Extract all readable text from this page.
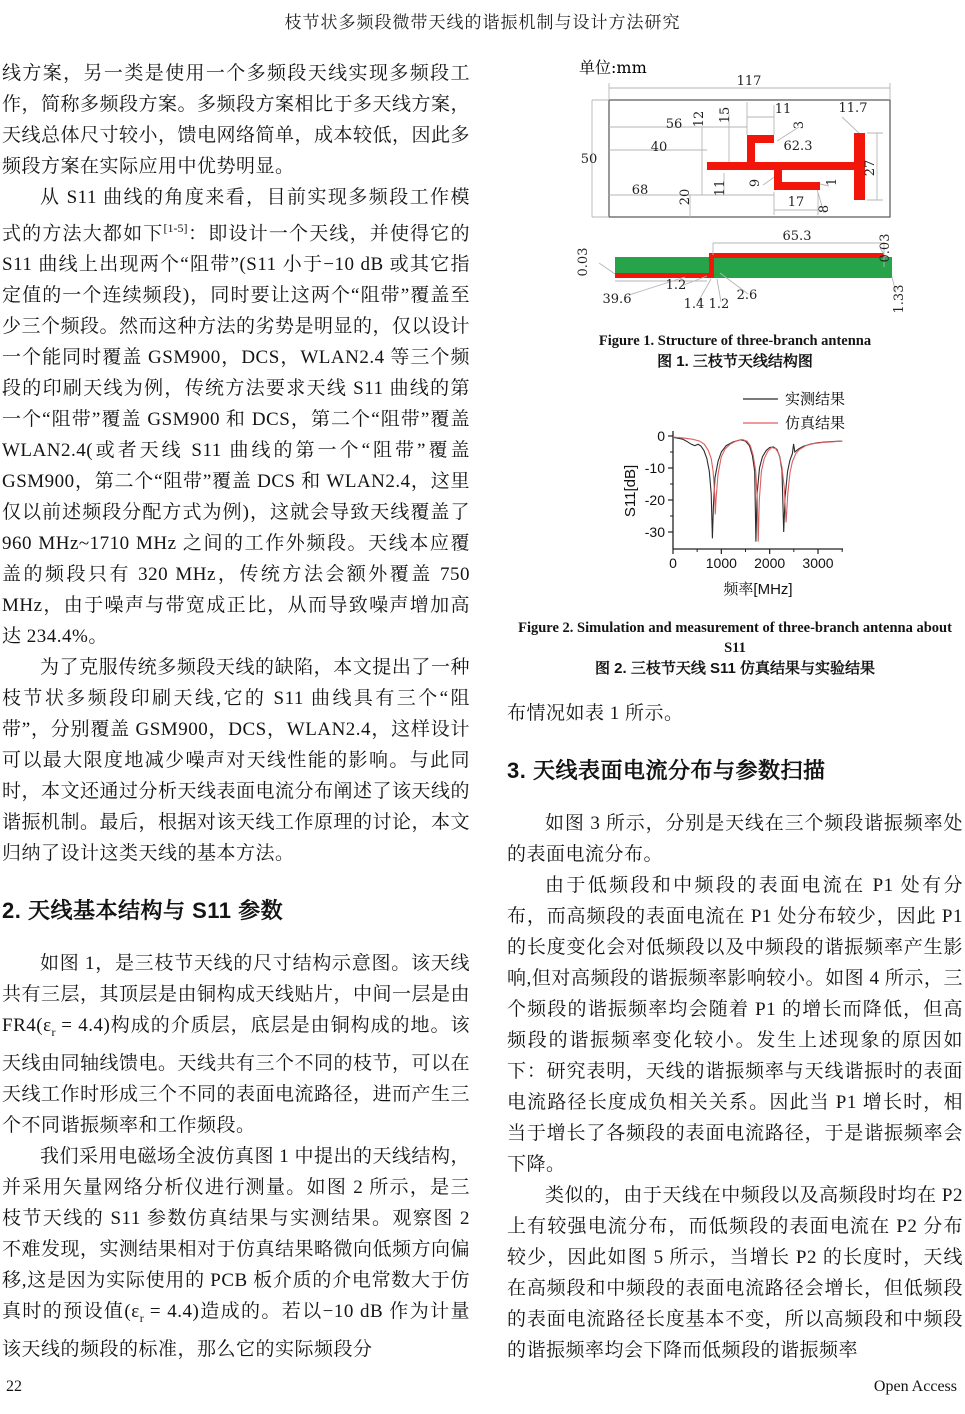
枝节状多频段微带天线的谐振机制与设计方法研究

线方案，另一类是使用一个多频段天线实现多频段工作，简称多频段方案。多频段方案相比于多天线方案，天线总体尺寸较小，馈电网络简单，成本较低，因此多频段方案在实际应用中优势明显。

从 S11 曲线的角度来看，目前实现多频段工作模式的方法大都如下[1-5]：即设计一个天线，并使得它的 S11 曲线上出现两个“阻带”(S11 小于−10 dB 或其它指定值的一个连续频段)，同时要让这两个“阻带”覆盖至少三个频段。然而这种方法的劣势是明显的，仅以设计一个能同时覆盖 GSM900，DCS，WLAN2.4 等三个频段的印刷天线为例，传统方法要求天线 S11 曲线的第一个“阻带”覆盖 GSM900 和 DCS，第二个“阻带”覆盖 WLAN2.4(或者天线 S11 曲线的第一个“阻带”覆盖 GSM900，第二个“阻带”覆盖 DCS 和 WLAN2.4，这里仅以前述频段分配方式为例)，这就会导致天线覆盖了 960 MHz~1710 MHz 之间的工作外频段。天线本应覆盖的频段只有 320 MHz，传统方法会额外覆盖 750 MHz，由于噪声与带宽成正比，从而导致噪声增加高达 234.4%。

为了克服传统多频段天线的缺陷，本文提出了一种枝节状多频段印刷天线,它的 S11 曲线具有三个“阻带”，分别覆盖 GSM900，DCS，WLAN2.4，这样设计可以最大限度地减少噪声对天线性能的影响。与此同时，本文还通过分析天线表面电流分布阐述了该天线的谐振机制。最后，根据对该天线工作原理的讨论，本文归纳了设计这类天线的基本方法。

2. 天线基本结构与 S11 参数

如图 1，是三枝节天线的尺寸结构示意图。该天线共有三层，其顶层是由铜构成天线贴片，中间一层是由 $FR4(\varepsilon_r = 4.4)$构成的介质层，底层是由铜构成的地。该天线由同轴线馈电。天线共有三个不同的枝节，可以在天线工作时形成三个不同的表面电流路径，进而产生三个不同谐振频率和工作频段。

我们采用电磁场全波仿真图 1 中提出的天线结构，并采用矢量网络分析仪进行测量。如图 2 所示，是三枝节天线的 S11 参数仿真结果与实测结果。观察图 2 不难发现，实测结果相对于仿真结果略微向低频方向偏移,这是因为实际使用的 PCB 板介质的介电常数大于仿真时的预设值$(\varepsilon_r = 4.4)$造成的。若以−10 dB 作为计量该天线的频段的标准，那么它的实际频段分

单位:mm
117
50
56 12 15	11
3
11.7
40	62.3
27
68 20
11 9
17
1
8
0.03
65.3	0.03
39.6
1.2
1.4 1.2
2.6	1.33

Figure 1. Structure of three-branch antenna

图 1. 三枝节天线结构图

0 1000 2000 3000
0
-10
-20
-30
S11[dB]
频率[MHz]
实测结果
仿真结果

Figure 2. Simulation and measurement of three-branch antenna about S11

图 2. 三枝节天线 S11 仿真结果与实验结果

布情况如表 1 所示。

3. 天线表面电流分布与参数扫描

如图 3 所示，分别是天线在三个频段谐振频率处的表面电流分布。

由于低频段和中频段的表面电流在 P1 处有分布，而高频段的表面电流在 P1 处分布较少，因此 P1 的长度变化会对低频段以及中频段的谐振频率产生影响,但对高频段的谐振频率影响较小。如图 4 所示，三个频段的谐振频率均会随着 P1 的增长而降低，但高频段的谐振频率变化较小。发生上述现象的原因如下：研究表明，天线的谐振频率与天线谐振时的表面电流路径长度成负相关关系。因此当 P1 增长时，相当于增长了各频段的表面电流路径，于是谐振频率会下降。

类似的，由于天线在中频段以及高频段时均在 P2 上有较强电流分布，而低频段的表面电流在 P2 分布较少，因此如图 5 所示，当增长 P2 的长度时，天线在高频段和中频段的表面电流路径会增长，但低频段的表面电流路径长度基本不变，所以高频段和中频段的谐振频率均会下降而低频段的谐振频率

22	Open Access
